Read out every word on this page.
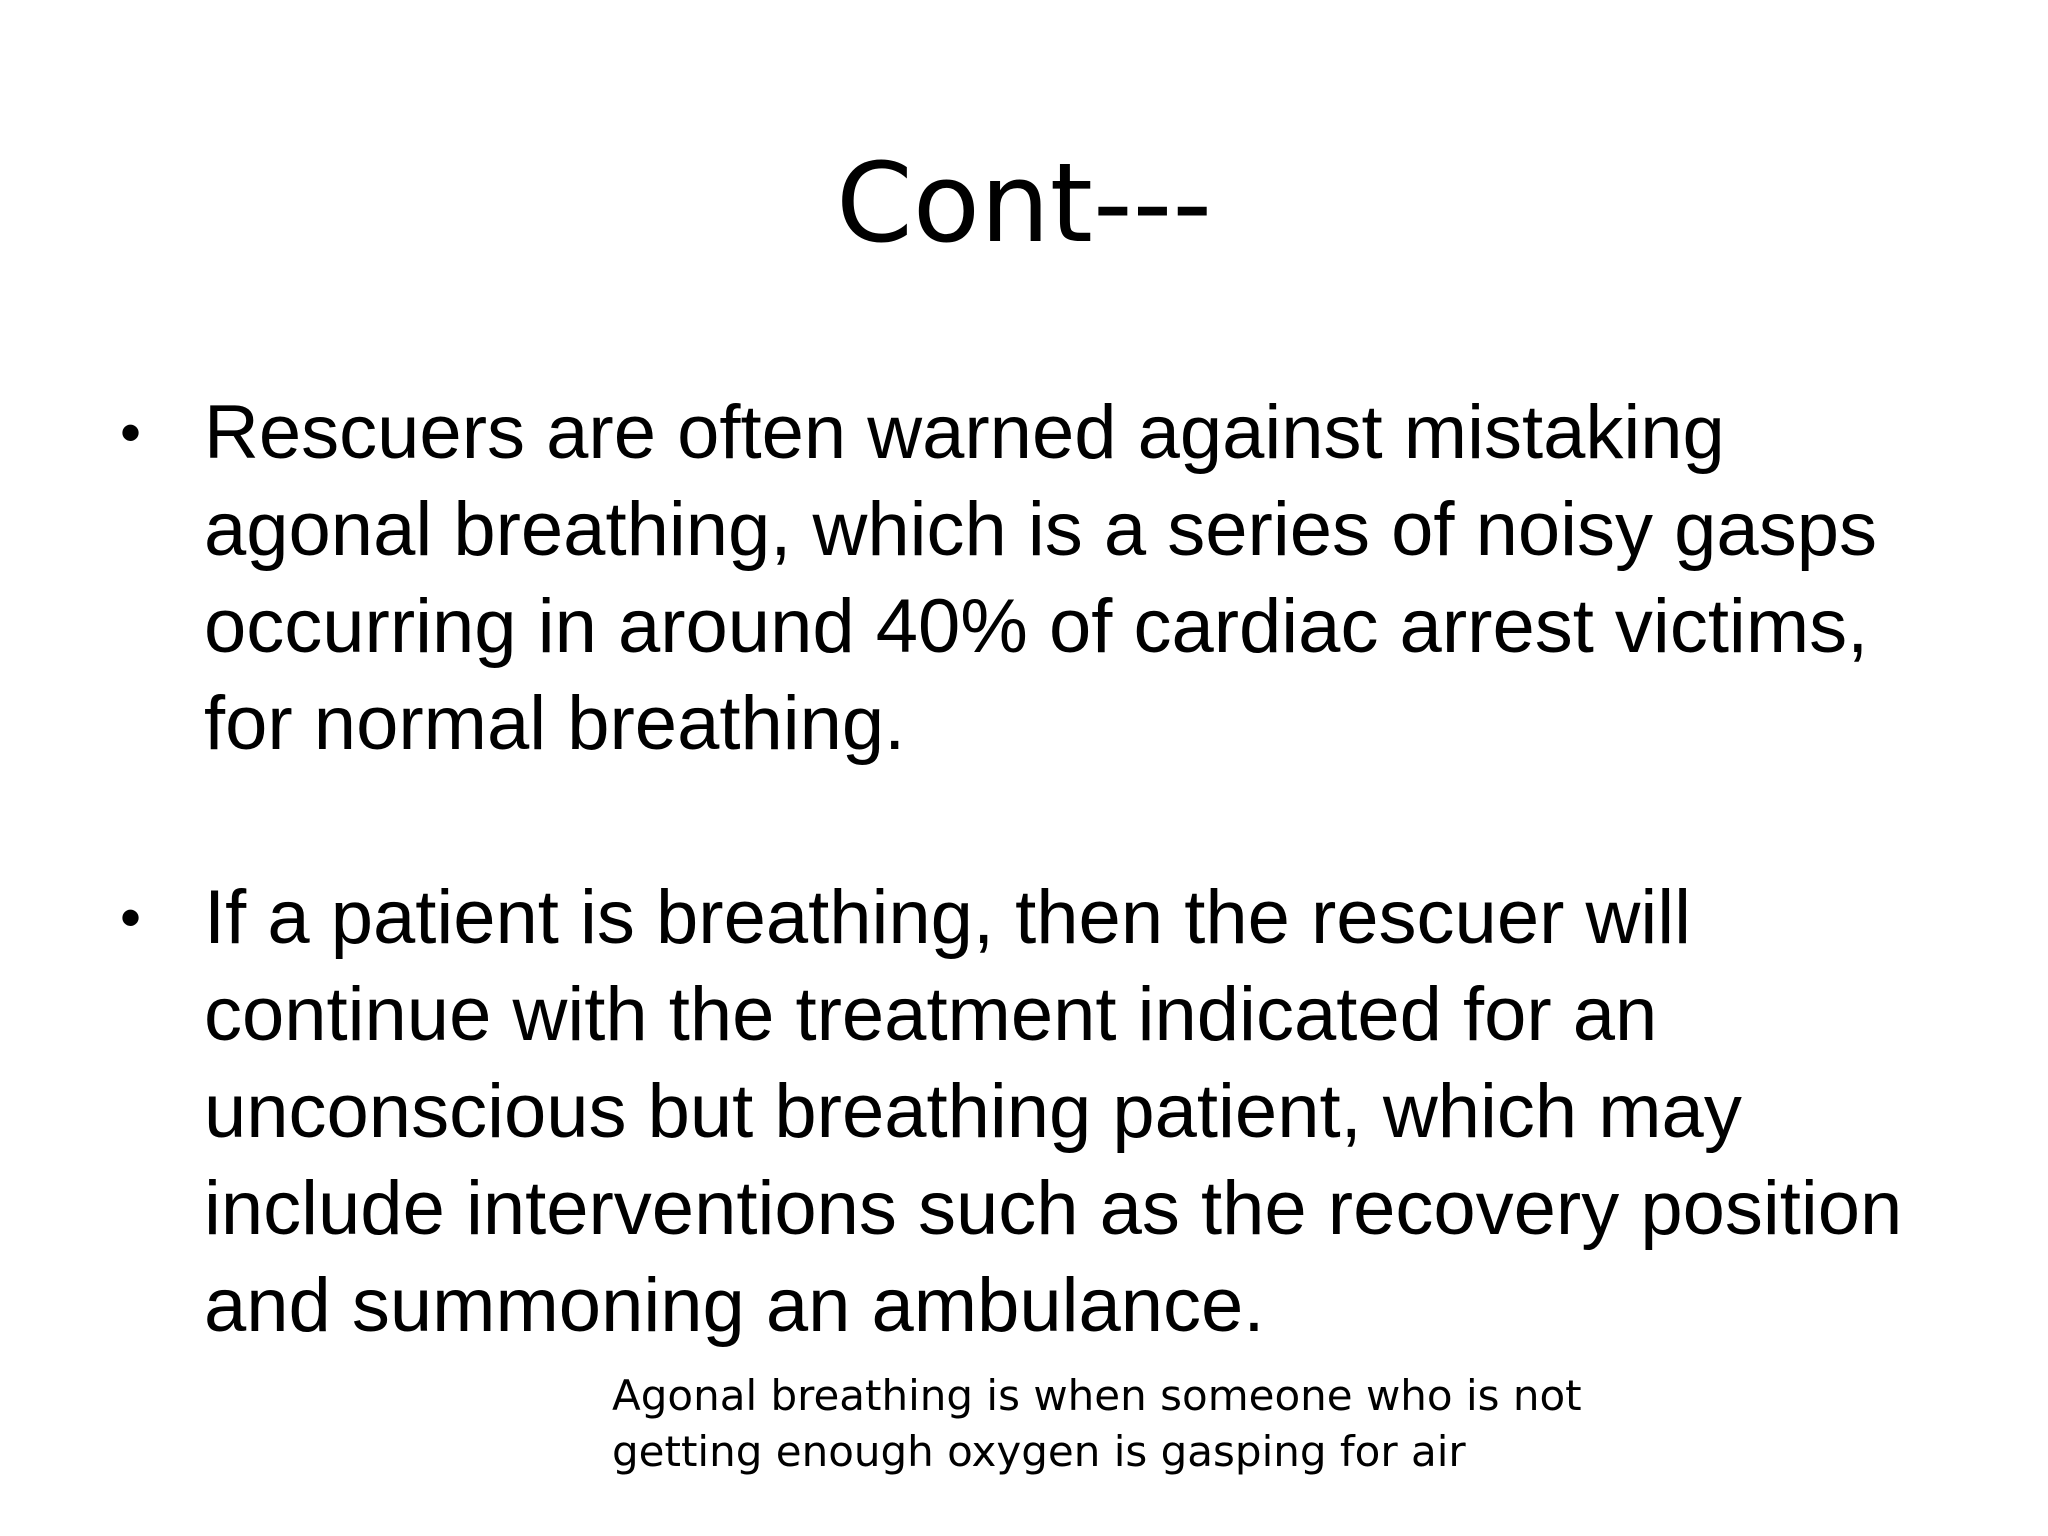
Cont---
• Rescuers are often warned against mistaking agonal breathing, which is a series of noisy gasps occurring in around 40% of cardiac arrest victims, for normal breathing.
• If a patient is breathing, then the rescuer will continue with the treatment indicated for an unconscious but breathing patient, which may include interventions such as the recovery position and summoning an ambulance.

Agonal breathing is when someone who is not getting enough oxygen is gasping for air
